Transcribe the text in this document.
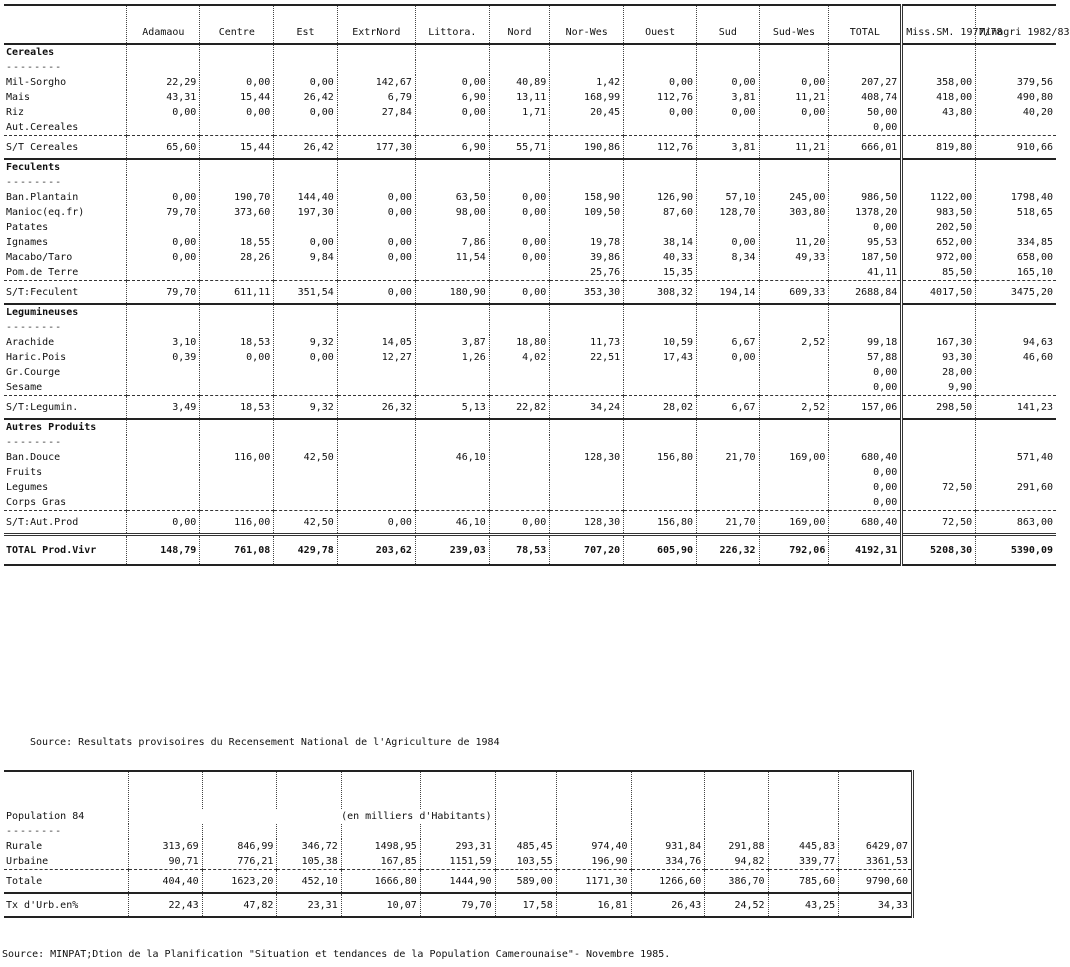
	Adamaou	Centre	Est	ExtrNord	Littora.	Nord	Nor-Wes	Ouest	Sud	Sud-Wes	TOTAL	Miss.SM. 1977/78	Minagri 1982/83
Cereales													
--------													
Mil-Sorgho	22,29	0,00	0,00	142,67	0,00	40,89	1,42	0,00	0,00	0,00	207,27	358,00	379,56
Mais	43,31	15,44	26,42	6,79	6,90	13,11	168,99	112,76	3,81	11,21	408,74	418,00	490,80
Riz	0,00	0,00	0,00	27,84	0,00	1,71	20,45	0,00	0,00	0,00	50,00	43,80	40,20
Aut.Cereales											0,00		
S/T Cereales	65,60	15,44	26,42	177,30	6,90	55,71	190,86	112,76	3,81	11,21	666,01	819,80	910,66
Feculents													
--------													
Ban.Plantain	0,00	190,70	144,40	0,00	63,50	0,00	158,90	126,90	57,10	245,00	986,50	1122,00	1798,40
Manioc(eq.fr)	79,70	373,60	197,30	0,00	98,00	0,00	109,50	87,60	128,70	303,80	1378,20	983,50	518,65
Patates											0,00	202,50	
Ignames	0,00	18,55	0,00	0,00	7,86	0,00	19,78	38,14	0,00	11,20	95,53	652,00	334,85
Macabo/Taro	0,00	28,26	9,84	0,00	11,54	0,00	39,86	40,33	8,34	49,33	187,50	972,00	658,00
Pom.de Terre							25,76	15,35			41,11	85,50	165,10
S/T:Feculent	79,70	611,11	351,54	0,00	180,90	0,00	353,30	308,32	194,14	609,33	2688,84	4017,50	3475,20
Legumineuses													
--------													
Arachide	3,10	18,53	9,32	14,05	3,87	18,80	11,73	10,59	6,67	2,52	99,18	167,30	94,63
Haric.Pois	0,39	0,00	0,00	12,27	1,26	4,02	22,51	17,43	0,00		57,88	93,30	46,60
Gr.Courge											0,00	28,00	
Sesame											0,00	9,90	
S/T:Legumin.	3,49	18,53	9,32	26,32	5,13	22,82	34,24	28,02	6,67	2,52	157,06	298,50	141,23
Autres Produits													
--------													
Ban.Douce		116,00	42,50		46,10		128,30	156,80	21,70	169,00	680,40		571,40
Fruits											0,00		
Legumes											0,00	72,50	291,60
Corps Gras											0,00		
S/T:Aut.Prod	0,00	116,00	42,50	0,00	46,10	0,00	128,30	156,80	21,70	169,00	680,40	72,50	863,00
TOTAL Prod.Vivr	148,79	761,08	429,78	203,62	239,03	78,53	707,20	605,90	226,32	792,06	4192,31	5208,30	5390,09
Source: Resultats provisoires du Recensement National de l'Agriculture de 1984

Population 84	(en milliers d'Habitants)										
--------											
Rurale	313,69	846,99	346,72	1498,95	293,31	485,45	974,40	931,84	291,88	445,83	6429,07
Urbaine	90,71	776,21	105,38	167,85	1151,59	103,55	196,90	334,76	94,82	339,77	3361,53
Totale	404,40	1623,20	452,10	1666,80	1444,90	589,00	1171,30	1266,60	386,70	785,60	9790,60
Tx d'Urb.en%	22,43	47,82	23,31	10,07	79,70	17,58	16,81	26,43	24,52	43,25	34,33
Source: MINPAT;Dtion de la Planification "Situation et tendances de la Population Camerounaise"- Novembre 1985.
